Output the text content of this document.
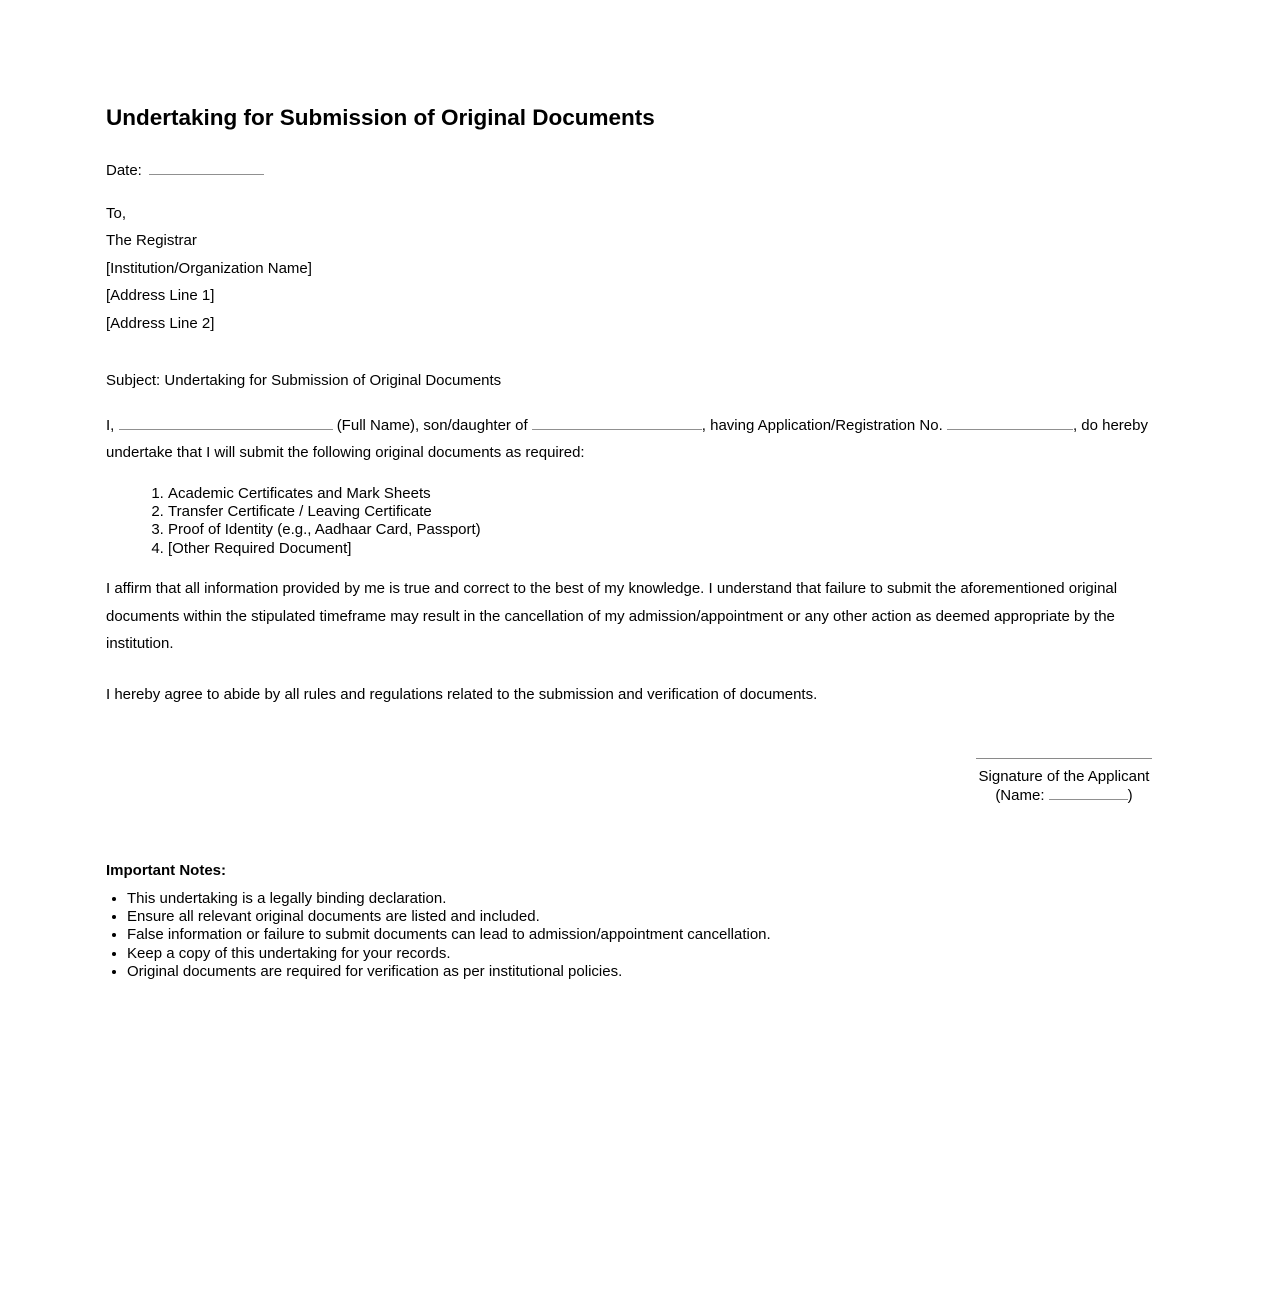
Undertaking for Submission of Original Documents

Date:

To,
The Registrar
[Institution/Organization Name]
[Address Line 1]
[Address Line 2]

Subject: Undertaking for Submission of Original Documents

I,	(Full Name), son/daughter of	, having Application/Registration No.	, do hereby undertake that I will submit the following original documents as required:

1. Academic Certificates and Mark Sheets
2. Transfer Certificate / Leaving Certificate
3. Proof of Identity (e.g., Aadhaar Card, Passport)
4. [Other Required Document]

I affirm that all information provided by me is true and correct to the best of my knowledge. I understand that failure to submit the aforementioned original documents within the stipulated timeframe may result in the cancellation of my admission/appointment or any other action as deemed appropriate by the institution.

I hereby agree to abide by all rules and regulations related to the submission and verification of documents.

Signature of the Applicant
(Name:	)

Important Notes:

• This undertaking is a legally binding declaration.
• Ensure all relevant original documents are listed and included.
• False information or failure to submit documents can lead to admission/appointment cancellation.
• Keep a copy of this undertaking for your records.
• Original documents are required for verification as per institutional policies.
